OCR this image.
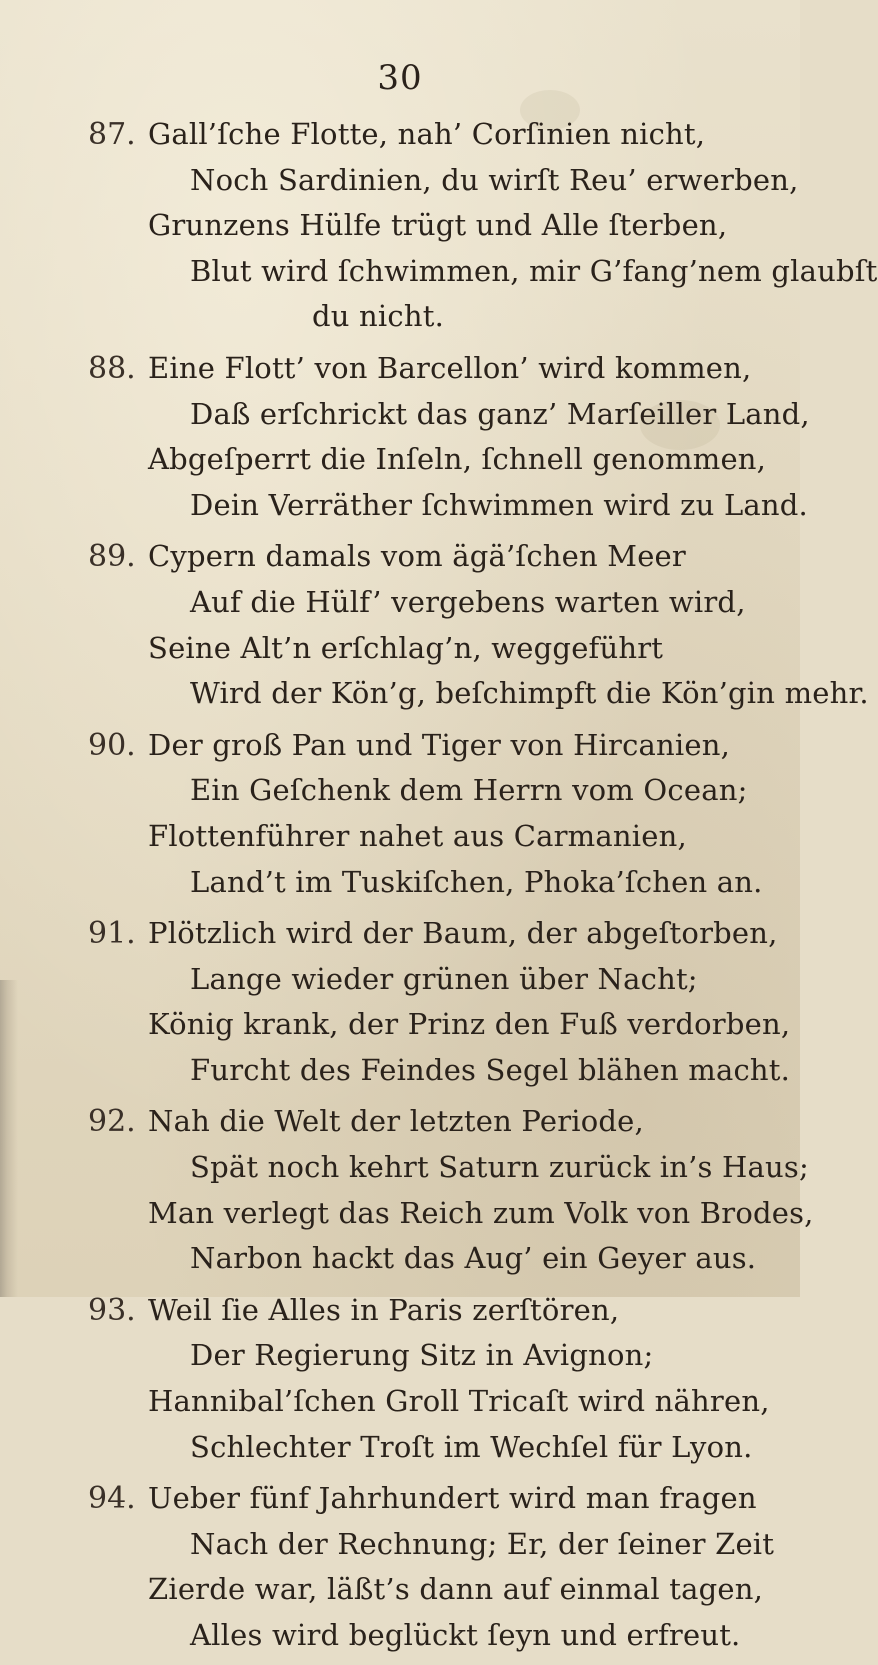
30
87. Gall’ſche Flotte, nah’ Corſinien nicht,
Noch Sardinien, du wirſt Reu’ erwerben,
Grunzens Hülfe trügt und Alle ſterben,
Blut wird ſchwimmen, mir G’fang’nem glaubſt
du nicht.
88. Eine Flott’ von Barcellon’ wird kommen,
Daß erſchrickt das ganz’ Marſeiller Land,
Abgeſperrt die Inſeln, ſchnell genommen,
Dein Verräther ſchwimmen wird zu Land.
89. Cypern damals vom ägä’ſchen Meer
Auf die Hülf’ vergebens warten wird,
Seine Alt’n erſchlag’n, weggeführt
Wird der Kön’g, beſchimpft die Kön’gin mehr.
90. Der groß Pan und Tiger von Hircanien,
Ein Geſchenk dem Herrn vom Ocean;
Flottenführer nahet aus Carmanien,
Land’t im Tuskiſchen, Phoka’ſchen an.
91. Plötzlich wird der Baum, der abgeſtorben,
Lange wieder grünen über Nacht;
König krank, der Prinz den Fuß verdorben,
Furcht des Feindes Segel blähen macht.
92. Nah die Welt der letzten Periode,
Spät noch kehrt Saturn zurück in’s Haus;
Man verlegt das Reich zum Volk von Brodes,
Narbon hackt das Aug’ ein Geyer aus.
93. Weil ſie Alles in Paris zerſtören,
Der Regierung Sitz in Avignon;
Hannibal’ſchen Groll Tricaſt wird nähren,
Schlechter Troſt im Wechſel für Lyon.
94. Ueber fünf Jahrhundert wird man fragen
Nach der Rechnung; Er, der ſeiner Zeit
Zierde war, läßt’s dann auf einmal tagen,
Alles wird beglückt ſeyn und erfreut.
